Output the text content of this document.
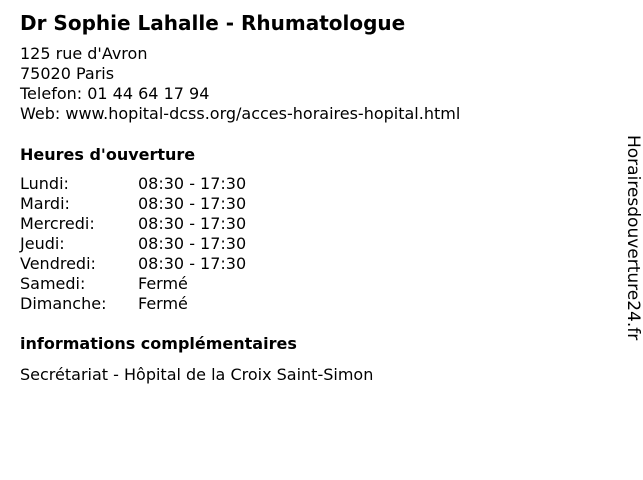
Dr Sophie Lahalle - Rhumatologue
125 rue d'Avron
75020 Paris
Telefon: 01 44 64 17 94
Web: www.hopital-dcss.org/acces-horaires-hopital.html
Heures d'ouverture
Lundi:	08:30 - 17:30
Mardi:	08:30 - 17:30
Mercredi:	08:30 - 17:30
Jeudi:	08:30 - 17:30
Vendredi:	08:30 - 17:30
Samedi:	Fermé
Dimanche: Fermé
informations complémentaires
Secrétariat - Hôpital de la Croix Saint-Simon
Horairesdouverture24.fr
